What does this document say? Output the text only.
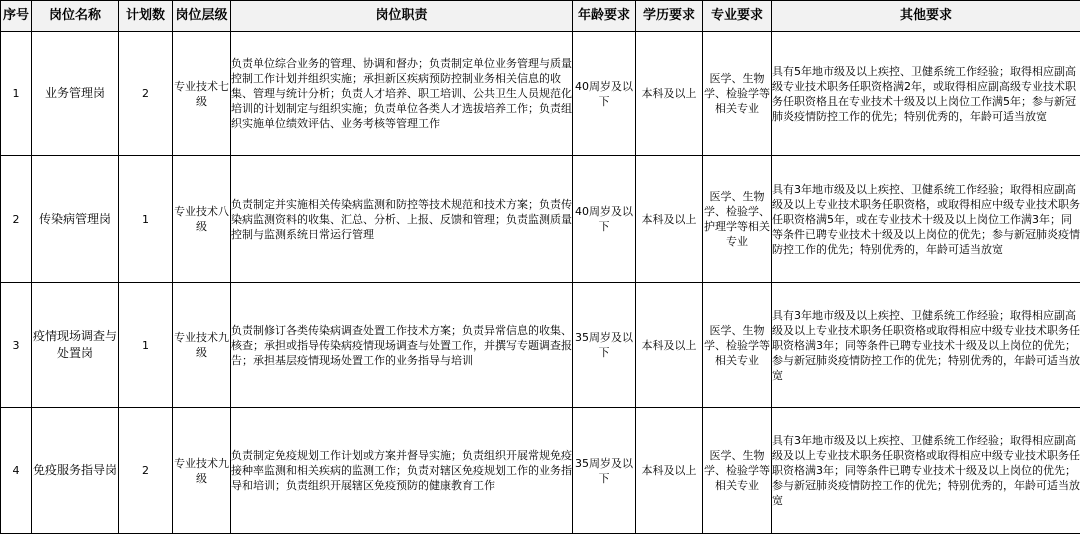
序号	岗位名称	计划数	岗位层级	岗位职责	年龄要求	学历要求	专业要求	其他要求
1	业务管理岗	2	专业技术七级	负责单位综合业务的管理、协调和督办；负责制定单位业务管理与质量控制工作计划并组织实施；承担新区疾病预防控制业务相关信息的收集、管理与统计分析；负责人才培养、职工培训、公共卫生人员规范化培训的计划制定与组织实施；负责单位各类人才选拔培养工作；负责组织实施单位绩效评估、业务考核等管理工作	40周岁及以下	本科及以上	医学、生物学、检验学等相关专业	具有5年地市级及以上疾控、卫健系统工作经验；取得相应副高级专业技术职务任职资格满2年，或取得相应副高级专业技术职务任职资格且在专业技术十级及以上岗位工作满5年；参与新冠肺炎疫情防控工作的优先；特别优秀的，年龄可适当放宽
2	传染病管理岗	1	专业技术八级	负责制定并实施相关传染病监测和防控等技术规范和技术方案；负责传染病监测资料的收集、汇总、分析、上报、反馈和管理；负责监测质量控制与监测系统日常运行管理	40周岁及以下	本科及以上	医学、生物学、检验学、护理学等相关专业	具有3年地市级及以上疾控、卫健系统工作经验；取得相应副高级及以上专业技术职务任职资格，或取得相应中级专业技术职务任职资格满5年，或在专业技术十级及以上岗位工作满3年；同等条件已聘专业技术十级及以上岗位的优先；参与新冠肺炎疫情防控工作的优先；特别优秀的，年龄可适当放宽
3	疫情现场调查与处置岗	1	专业技术九级	负责制修订各类传染病调查处置工作技术方案；负责异常信息的收集、核查；承担或指导传染病疫情现场调查与处置工作，并撰写专题调查报告；承担基层疫情现场处置工作的业务指导与培训	35周岁及以下	本科及以上	医学、生物学、检验学等相关专业	具有3年地市级及以上疾控、卫健系统工作经验；取得相应副高级及以上专业技术职务任职资格或取得相应中级专业技术职务任职资格满3年；同等条件已聘专业技术十级及以上岗位的优先；参与新冠肺炎疫情防控工作的优先；特别优秀的，年龄可适当放宽
4	免疫服务指导岗	2	专业技术九级	负责制定免疫规划工作计划或方案并督导实施；负责组织开展常规免疫接种率监测和相关疾病的监测工作；负责对辖区免疫规划工作的业务指导和培训；负责组织开展辖区免疫预防的健康教育工作	35周岁及以下	本科及以上	医学、生物学、检验学等相关专业	具有3年地市级及以上疾控、卫健系统工作经验；取得相应副高级及以上专业技术职务任职资格或取得相应中级专业技术职务任职资格满3年；同等条件已聘专业技术十级及以上岗位的优先；参与新冠肺炎疫情防控工作的优先；特别优秀的，年龄可适当放宽
